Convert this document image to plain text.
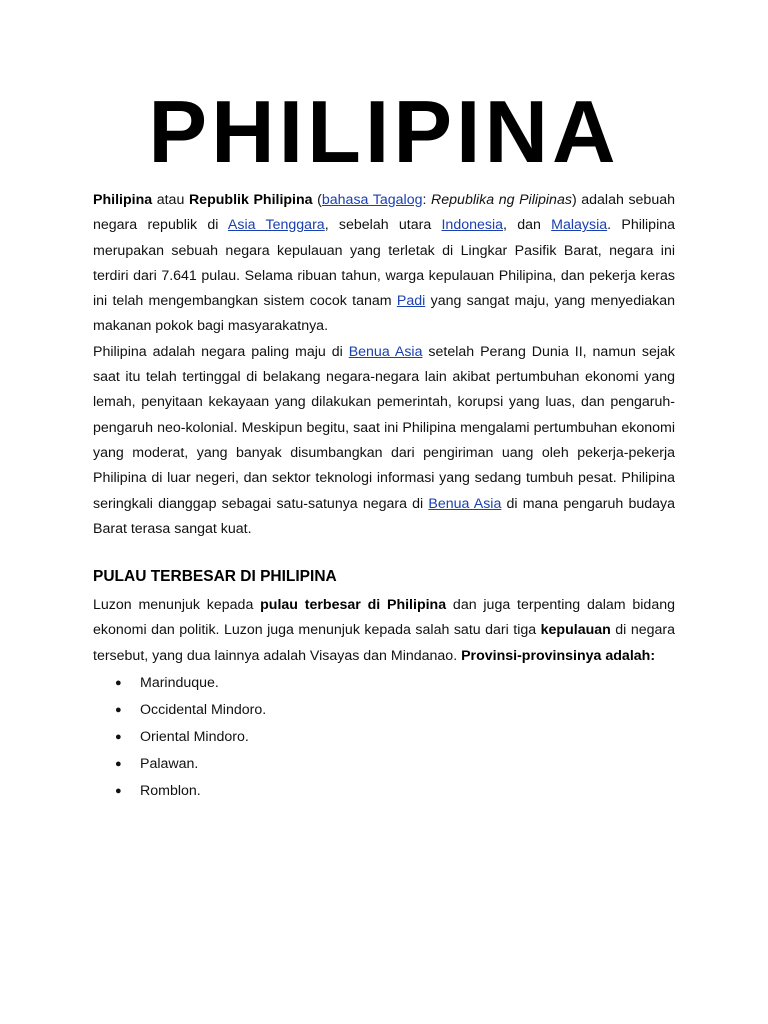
PHILIPINA

Philipina atau Republik Philipina (bahasa Tagalog: Republika ng Pilipinas) adalah sebuah negara republik di Asia Tenggara, sebelah utara Indonesia, dan Malaysia. Philipina merupakan sebuah negara kepulauan yang terletak di Lingkar Pasifik Barat, negara ini terdiri dari 7.641 pulau. Selama ribuan tahun, warga kepulauan Philipina, dan pekerja keras ini telah mengembangkan sistem cocok tanam Padi yang sangat maju, yang menyediakan makanan pokok bagi masyarakatnya.

Philipina adalah negara paling maju di Benua Asia setelah Perang Dunia II, namun sejak saat itu telah tertinggal di belakang negara-negara lain akibat pertumbuhan ekonomi yang lemah, penyitaan kekayaan yang dilakukan pemerintah, korupsi yang luas, dan pengaruh-pengaruh neo-kolonial. Meskipun begitu, saat ini Philipina mengalami pertumbuhan ekonomi yang moderat, yang banyak disumbangkan dari pengiriman uang oleh pekerja-pekerja Philipina di luar negeri, dan sektor teknologi informasi yang sedang tumbuh pesat. Philipina seringkali dianggap sebagai satu-satunya negara di Benua Asia di mana pengaruh budaya Barat terasa sangat kuat.

PULAU TERBESAR DI PHILIPINA

Luzon menunjuk kepada pulau terbesar di Philipina dan juga terpenting dalam bidang ekonomi dan politik. Luzon juga menunjuk kepada salah satu dari tiga kepulauan di negara tersebut, yang dua lainnya adalah Visayas dan Mindanao. Provinsi-provinsinya adalah:

● Marinduque.
● Occidental Mindoro.
● Oriental Mindoro.
● Palawan.
● Romblon.
